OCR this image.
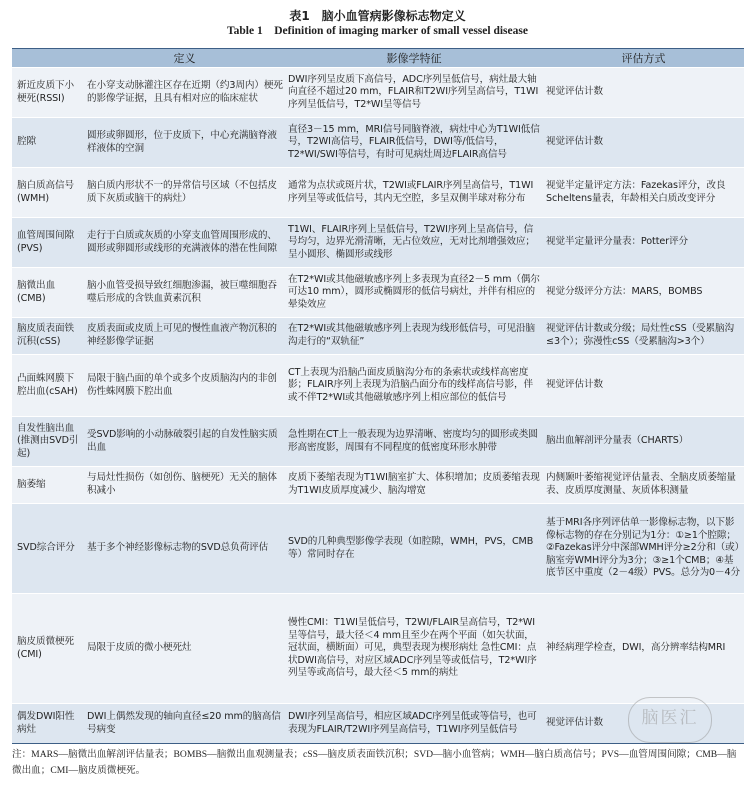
表1　脑小血管病影像标志物定义
Table 1　Definition of imaging marker of small vessel disease
	定义	影像学特征	评估方式
新近皮质下小梗死(RSSI)	在小穿支动脉灌注区存在近期（约3周内）梗死的影像学证据，且具有相对应的临床症状	DWI序列呈皮质下高信号，ADC序列呈低信号，病灶最大轴向直径不超过20 mm，FLAIR和T2WI序列呈高信号，T1WI序列呈低信号，T2*WI呈等信号	视觉评估计数
腔隙	圆形或卵圆形，位于皮质下，中心充满脑脊液样液体的空洞	直径3－15 mm，MRI信号同脑脊液，病灶中心为T1WI低信号，T2WI高信号，FLAIR低信号，DWI等/低信号，T2*WI/SWI等信号，有时可见病灶周边FLAIR高信号	视觉评估计数
脑白质高信号(WMH)	脑白质内形状不一的异常信号区域（不包括皮质下灰质或脑干的病灶）	通常为点状或斑片状，T2WI或FLAIR序列呈高信号，T1WI序列呈等或低信号，其内无空腔，多呈双侧半球对称分布	视觉半定量评定方法：Fazekas评分，改良Scheltens量表，年龄相关白质改变评分
血管周围间隙(PVS)	走行于白质或灰质的小穿支血管周围形成的、圆形或卵圆形或线形的充满液体的潜在性间隙	T1WI、FLAIR序列上呈低信号，T2WI序列上呈高信号，信号均匀，边界光滑清晰，无占位效应，无对比剂增强效应；呈小圆形、椭圆形或线形	视觉半定量评分量表：Potter评分
脑微出血(CMB)	脑小血管受损导致红细胞渗漏，被巨噬细胞吞噬后形成的含铁血黄素沉积	在T2*WI或其他磁敏感序列上多表现为直径2－5 mm（偶尔可达10 mm），圆形或椭圆形的低信号病灶，并伴有相应的晕染效应	视觉分级评分方法：MARS，BOMBS
脑皮质表面铁沉积(cSS)	皮质表面或皮质上可见的慢性血液产物沉积的神经影像学证据	在T2*WI或其他磁敏感序列上表现为线形低信号，可见沿脑沟走行的“双轨征”	视觉评估计数或分级；局灶性cSS（受累脑沟≤3个）；弥漫性cSS（受累脑沟>3个）
凸面蛛网膜下腔出血(cSAH)	局限于脑凸面的单个或多个皮质脑沟内的非创伤性蛛网膜下腔出血	CT上表现为沿脑凸面皮质脑沟分布的条索状或线样高密度影；FLAIR序列上表现为沿脑凸面分布的线样高信号影，伴或不伴T2*WI或其他磁敏感序列上相应部位的低信号	视觉评估计数
自发性脑出血(推测由SVD引起)	受SVD影响的小动脉破裂引起的自发性脑实质出血	急性期在CT上一般表现为边界清晰、密度均匀的圆形或类圆形高密度影，周围有不同程度的低密度环形水肿带	脑出血解剖评分量表（CHARTS）
脑萎缩	与局灶性损伤（如创伤、脑梗死）无关的脑体积减小	皮质下萎缩表现为T1WI脑室扩大、体积增加；皮质萎缩表现为T1WI皮质厚度减少、脑沟增宽	内侧颞叶萎缩视觉评估量表、全脑皮质萎缩量表、皮质厚度测量、灰质体积测量
SVD综合评分	基于多个神经影像标志物的SVD总负荷评估	SVD的几种典型影像学表现（如腔隙，WMH，PVS，CMB等）常同时存在	基于MRI各序列评估单一影像标志物，以下影像标志物的存在分别记为1分：①≥1个腔隙；②Fazekas评分中深部WMH评分≥2分和（或）脑室旁WMH评分为3分；③≥1个CMB；④基底节区中重度（2－4级）PVS。总分为0－4分
脑皮质微梗死(CMI)	局限于皮质的微小梗死灶	慢性CMI：T1WI呈低信号，T2WI/FLAIR呈高信号，T2*WI呈等信号，最大径＜4 mm且至少在两个平面（如矢状面，冠状面，横断面）可见，典型表现为楔形病灶 急性CMI：点状DWI高信号，对应区域ADC序列呈等或低信号，T2*WI序列呈等或高信号，最大径＜5 mm的病灶	神经病理学检查，DWI，高分辨率结构MRI
偶发DWI阳性病灶	DWI上偶然发现的轴向直径≤20 mm的脑高信号病变	DWI序列呈高信号，相应区域ADC序列呈低或等信号，也可表现为FLAIR/T2WI序列呈高信号，T1WI序列呈低信号	视觉评估计数	脑医汇
注：MARS—脑微出血解剖评估量表；BOMBS—脑微出血观测量表；cSS—脑皮质表面铁沉积；SVD—脑小血管病；WMH—脑白质高信号；PVS—血管周围间隙；CMB—脑微出血；CMI—脑皮质微梗死。
